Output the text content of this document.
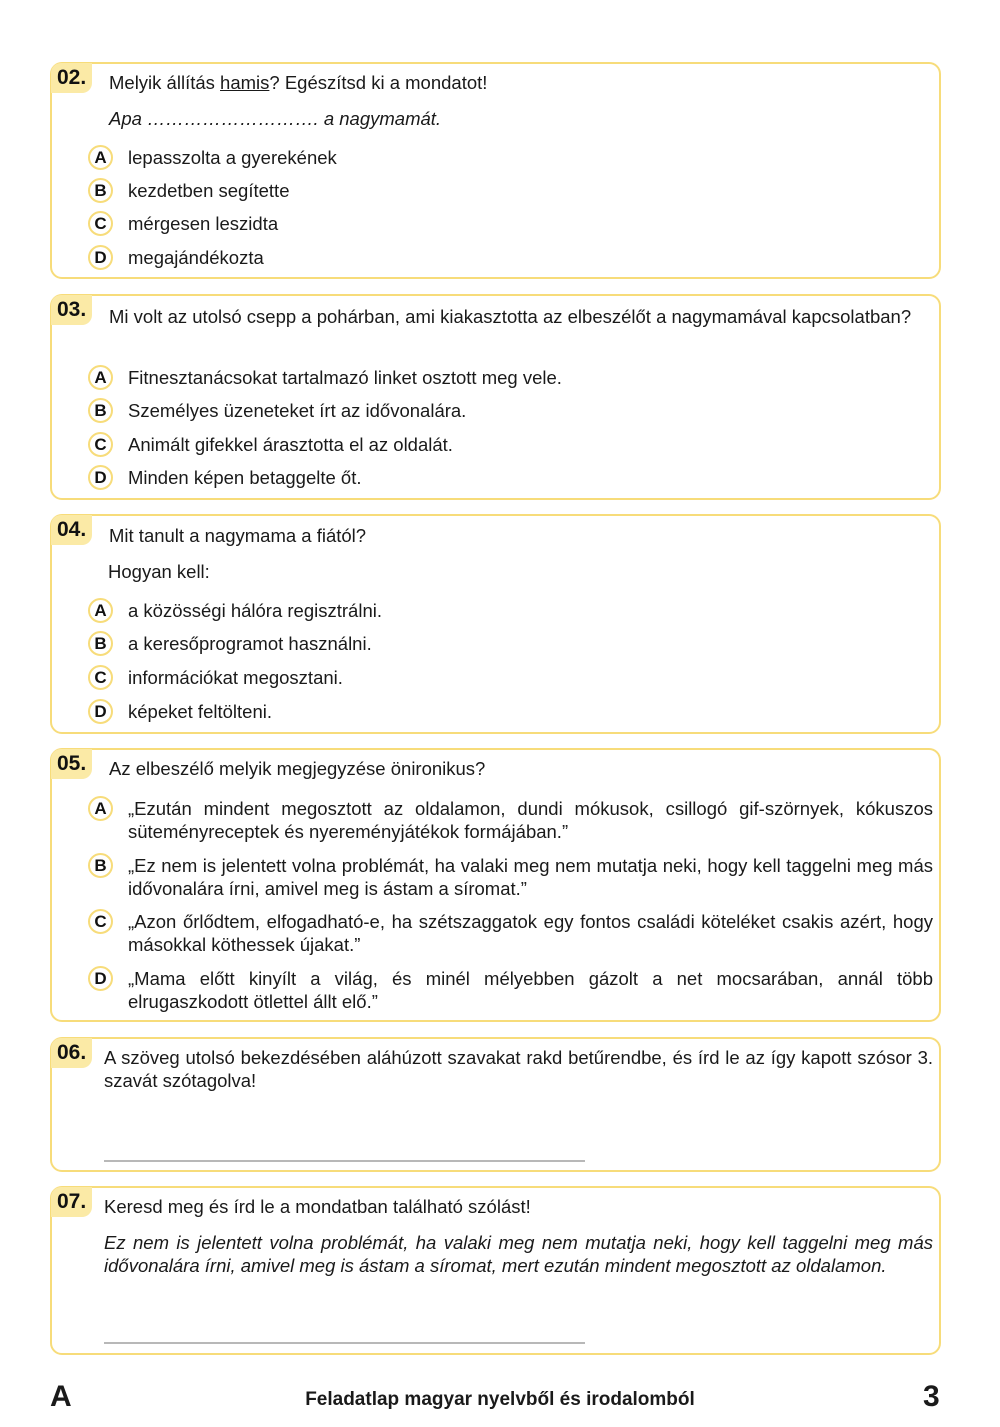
02.	Melyik állítás hamis? Egészítsd ki a mondatot!
Apa ………………………. a nagymamát.
A	lepasszolta a gyerekének
B	kezdetben segítette
C	mérgesen leszidta
D	megajándékozta
03.	Mi volt az utolsó csepp a pohárban, ami kiakasztotta az elbeszélőt a nagymamával kapcsolatban?
A	Fitnesztanácsokat tartalmazó linket osztott meg vele.
B	Személyes üzeneteket írt az idővonalára.
C	Animált gifekkel árasztotta el az oldalát.
D	Minden képen betaggelte őt.
04.	Mit tanult a nagymama a fiától?
Hogyan kell:
A	a közösségi hálóra regisztrálni.
B	a keresőprogramot használni.
C	információkat megosztani.
D	képeket feltölteni.
05.	Az elbeszélő melyik megjegyzése önironikus?
A	„Ezután mindent megosztott az oldalamon, dundi mókusok, csillogó gif-szörnyek, kókuszos süteményreceptek és nyereményjátékok formájában.”
B	„Ez nem is jelentett volna problémát, ha valaki meg nem mutatja neki, hogy kell taggelni meg más idővonalára írni, amivel meg is ástam a síromat.”
C	„Azon őrlődtem, elfogadható-e, ha szétszaggatok egy fontos családi köteléket csakis azért, hogy másokkal köthessek újakat.”
D	„Mama előtt kinyílt a világ, és minél mélyebben gázolt a net mocsarában, annál több elrugaszkodott ötlettel állt elő.”
06. A szöveg utolsó bekezdésében aláhúzott szavakat rakd betűrendbe, és írd le az így kapott szósor 3. szavát szótagolva!
07. Keresd meg és írd le a mondatban található szólást!
Ez nem is jelentett volna problémát, ha valaki meg nem mutatja neki, hogy kell taggelni meg más idővonalára írni, amivel meg is ástam a síromat, mert ezután mindent megosztott az oldalamon.
A	Feladatlap magyar nyelvből és irodalomból	3
